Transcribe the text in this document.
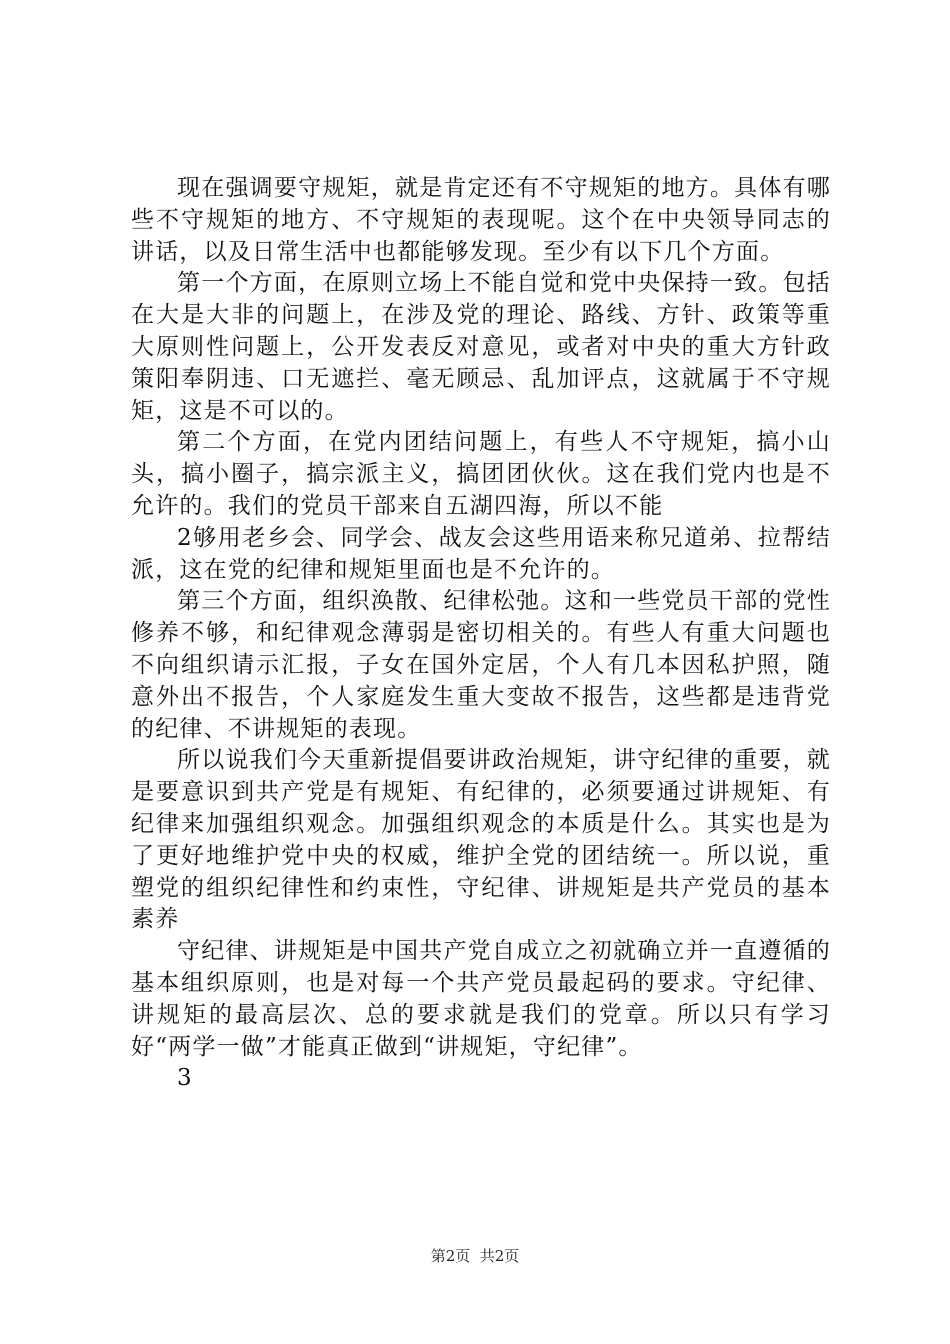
现在强调要守规矩，就是肯定还有不守规矩的地方。具体有哪些不守规矩的地方、不守规矩的表现呢。这个在中央领导同志的讲话，以及日常生活中也都能够发现。至少有以下几个方面。

第一个方面，在原则立场上不能自觉和党中央保持一致。包括在大是大非的问题上，在涉及党的理论、路线、方针、政策等重大原则性问题上，公开发表反对意见，或者对中央的重大方针政策阳奉阴违、口无遮拦、毫无顾忌、乱加评点，这就属于不守规矩，这是不可以的。

第二个方面，在党内团结问题上，有些人不守规矩，搞小山头，搞小圈子，搞宗派主义，搞团团伙伙。这在我们党内也是不允许的。我们的党员干部来自五湖四海，所以不能

2够用老乡会、同学会、战友会这些用语来称兄道弟、拉帮结派，这在党的纪律和规矩里面也是不允许的。

第三个方面，组织涣散、纪律松弛。这和一些党员干部的党性修养不够，和纪律观念薄弱是密切相关的。有些人有重大问题也不向组织请示汇报，子女在国外定居，个人有几本因私护照，随意外出不报告，个人家庭发生重大变故不报告，这些都是违背党的纪律、不讲规矩的表现。

所以说我们今天重新提倡要讲政治规矩，讲守纪律的重要，就是要意识到共产党是有规矩、有纪律的，必须要通过讲规矩、有纪律来加强组织观念。加强组织观念的本质是什么。其实也是为了更好地维护党中央的权威，维护全党的团结统一。所以说，重塑党的组织纪律性和约束性，守纪律、讲规矩是共产党员的基本素养

守纪律、讲规矩是中国共产党自成立之初就确立并一直遵循的基本组织原则，也是对每一个共产党员最起码的要求。守纪律、讲规矩的最高层次、总的要求就是我们的党章。所以只有学习好“两学一做”才能真正做到“讲规矩，守纪律”。

3

第2页  共2页
